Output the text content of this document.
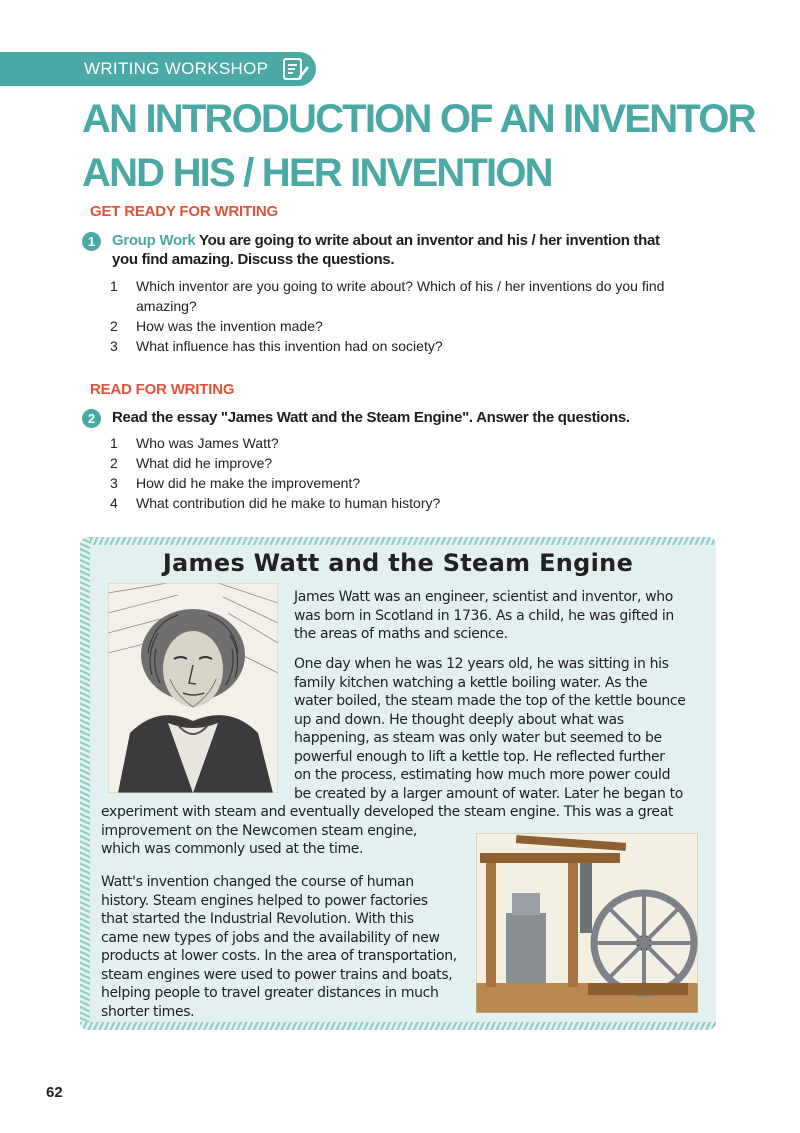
WRITING WORKSHOP
AN INTRODUCTION OF AN INVENTOR
AND HIS / HER INVENTION

GET READY FOR WRITING

1	Group Work You are going to write about an inventor and his / her invention that
you find amazing. Discuss the questions.

1	Which inventor are you going to write about? Which of his / her inventions do you find
amazing?
2	How was the invention made?
3	What influence has this invention had on society?

READ FOR WRITING

2	Read the essay "James Watt and the Steam Engine". Answer the questions.

1	Who was James Watt?
2	What did he improve?
3	How did he make the improvement?
4	What contribution did he make to human history?
James Watt and the Steam Engine

James Watt was an engineer, scientist and inventor, who
was born in Scotland in 1736. As a child, he was gifted in
the areas of maths and science.

One day when he was 12 years old, he was sitting in his
family kitchen watching a kettle boiling water. As the
water boiled, the steam made the top of the kettle bounce
up and down. He thought deeply about what was
happening, as steam was only water but seemed to be
powerful enough to lift a kettle top. He reflected further
on the process, estimating how much more power could
be created by a larger amount of water. Later he began to

experiment with steam and eventually developed the steam engine. This was a great
improvement on the Newcomen steam engine,
which was commonly used at the time.

Watt's invention changed the course of human
history. Steam engines helped to power factories
that started the Industrial Revolution. With this
came new types of jobs and the availability of new
products at lower costs. In the area of transportation,
steam engines were used to power trains and boats,
helping people to travel greater distances in much
shorter times.

62
